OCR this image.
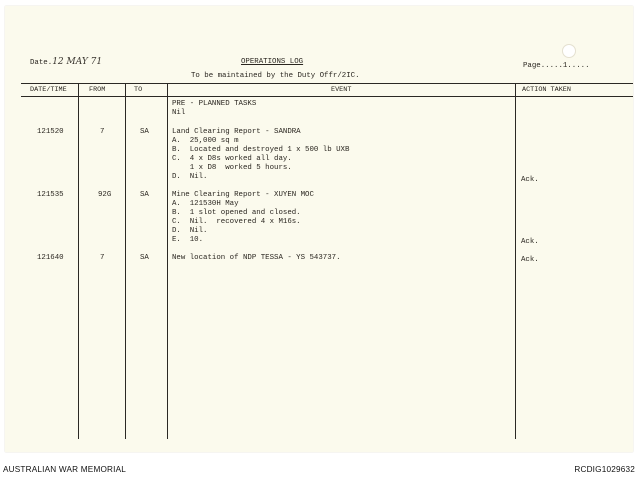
Date.12 MAY 71	OPERATIONS LOG
To be maintained by the Duty Offr/2IC.
Page.....1.....
DATE/TIME	FROM	TO	EVENT	ACTION TAKEN
PRE - PLANNED TASKS
Nil
121520	7	SA	Land Clearing Report - SANDRA
A.  25,000 sq m
B.  Located and destroyed 1 x 500 lb UXB
C.  4 x D8s worked all day.
1 x D8  worked 5 hours.
D.  Nil.	Ack.
121535	92G	SA	Mine Clearing Report - XUYEN MOC
A.  121530H May
B.  1 slot opened and closed.
C.  Nil.  recovered 4 x M16s.
D.  Nil.
E.  10.	Ack.
121640	7	SA	New location of NDP TESSA - YS 543737.	Ack.
AUSTRALIAN WAR MEMORIAL	RCDIG1029632
